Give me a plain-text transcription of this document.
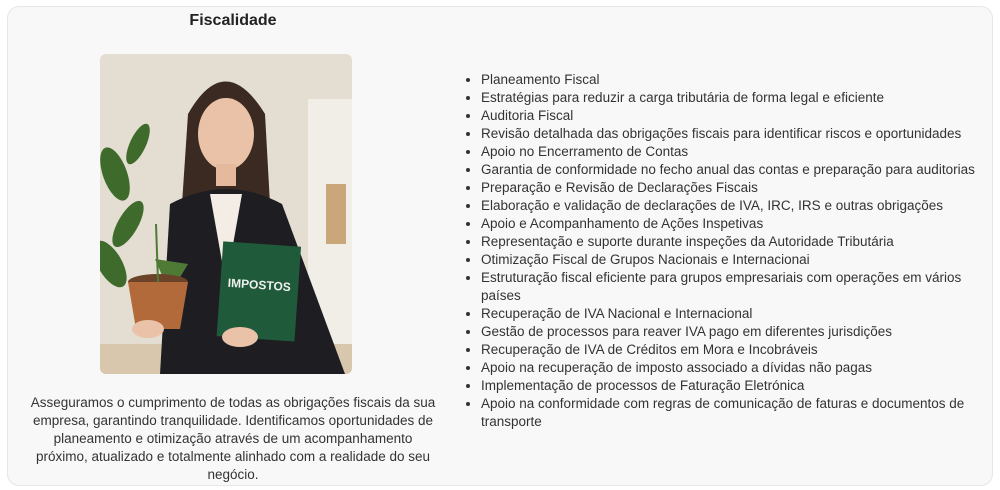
Fiscalidade
IMPOSTOS
Asseguramos o cumprimento de todas as obrigações fiscais da sua empresa, garantindo tranquilidade. Identificamos oportunidades de planeamento e otimização através de um acompanhamento próximo, atualizado e totalmente alinhado com a realidade do seu negócio.
• Planeamento Fiscal
• Estratégias para reduzir a carga tributária de forma legal e eficiente
• Auditoria Fiscal
• Revisão detalhada das obrigações fiscais para identificar riscos e oportunidades
• Apoio no Encerramento de Contas
• Garantia de conformidade no fecho anual das contas e preparação para auditorias
• Preparação e Revisão de Declarações Fiscais
• Elaboração e validação de declarações de IVA, IRC, IRS e outras obrigações
• Apoio e Acompanhamento de Ações Inspetivas
• Representação e suporte durante inspeções da Autoridade Tributária
• Otimização Fiscal de Grupos Nacionais e Internacionai
• Estruturação fiscal eficiente para grupos empresariais com operações em vários países
• Recuperação de IVA Nacional e Internacional
• Gestão de processos para reaver IVA pago em diferentes jurisdições
• Recuperação de IVA de Créditos em Mora e Incobráveis
• Apoio na recuperação de imposto associado a dívidas não pagas
• Implementação de processos de Faturação Eletrónica
• Apoio na conformidade com regras de comunicação de faturas e documentos de transporte
